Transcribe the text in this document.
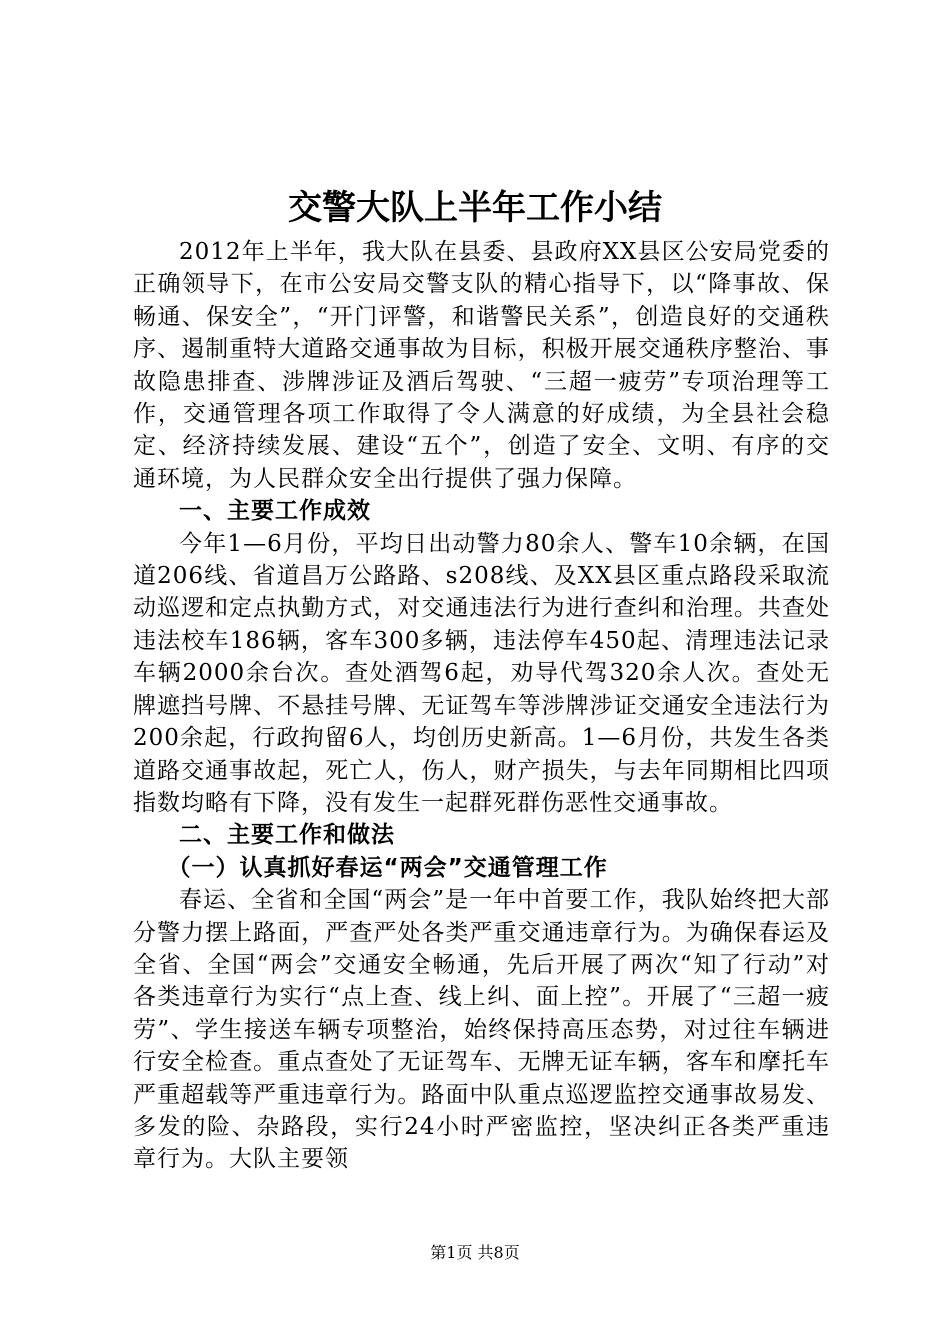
交警大队上半年工作小结

2012年上半年，我大队在县委、县政府XX县区公安局党委的正确领导下，在市公安局交警支队的精心指导下，以“降事故、保畅通、保安全”，“开门评警，和谐警民关系”，创造良好的交通秩序、遏制重特大道路交通事故为目标，积极开展交通秩序整治、事故隐患排查、涉牌涉证及酒后驾驶、“三超一疲劳”专项治理等工作，交通管理各项工作取得了令人满意的好成绩，为全县社会稳定、经济持续发展、建设“五个”，创造了安全、文明、有序的交通环境，为人民群众安全出行提供了强力保障。

一、主要工作成效

今年1—6月份，平均日出动警力80余人、警车10余辆，在国道206线、省道昌万公路路、s208线、及XX县区重点路段采取流动巡逻和定点执勤方式，对交通违法行为进行查纠和治理。共查处违法校车186辆，客车300多辆，违法停车450起、清理违法记录车辆2000余台次。查处酒驾6起，劝导代驾320余人次。查处无牌遮挡号牌、不悬挂号牌、无证驾车等涉牌涉证交通安全违法行为200余起，行政拘留6人，均创历史新高。1—6月份，共发生各类道路交通事故起，死亡人，伤人，财产损失，与去年同期相比四项指数均略有下降，没有发生一起群死群伤恶性交通事故。

二、主要工作和做法
（一）认真抓好春运“两会”交通管理工作

春运、全省和全国“两会”是一年中首要工作，我队始终把大部分警力摆上路面，严查严处各类严重交通违章行为。为确保春运及全省、全国“两会”交通安全畅通，先后开展了两次“知了行动”对各类违章行为实行“点上查、线上纠、面上控”。开展了“三超一疲劳”、学生接送车辆专项整治，始终保持高压态势，对过往车辆进行安全检查。重点查处了无证驾车、无牌无证车辆，客车和摩托车严重超载等严重违章行为。路面中队重点巡逻监控交通事故易发、多发的险、杂路段，实行24小时严密监控，坚决纠正各类严重违章行为。大队主要领

第1页 共8页
